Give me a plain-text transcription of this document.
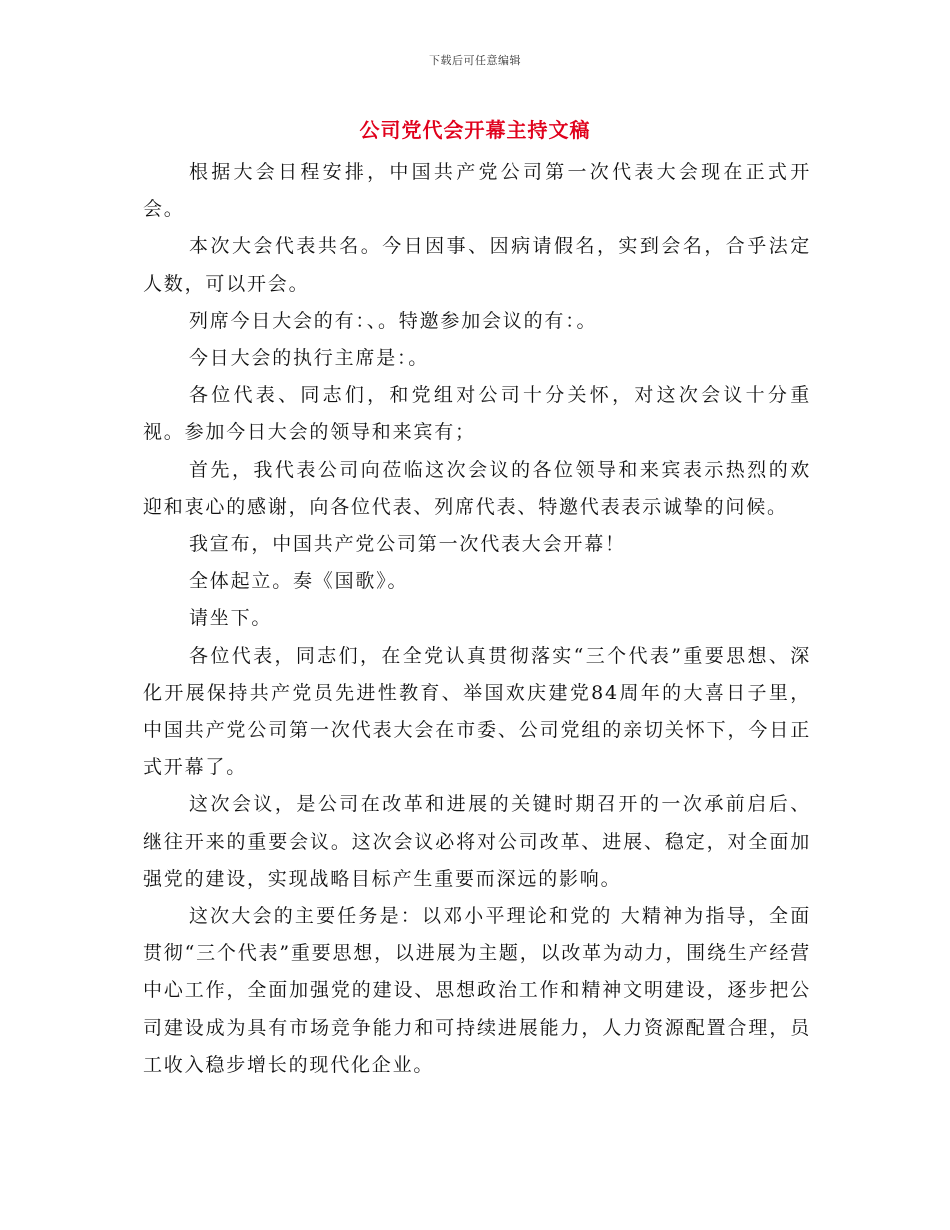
下载后可任意编辑
公司党代会开幕主持文稿

根据大会日程安排，中国共产党公司第一次代表大会现在正式开会。

本次大会代表共名。今日因事、因病请假名，实到会名，合乎法定人数，可以开会。

列席今日大会的有：、。特邀参加会议的有：。

今日大会的执行主席是：。

各位代表、同志们，和党组对公司十分关怀，对这次会议十分重视。参加今日大会的领导和来宾有；

首先，我代表公司向莅临这次会议的各位领导和来宾表示热烈的欢迎和衷心的感谢，向各位代表、列席代表、特邀代表表示诚挚的问候。

我宣布，中国共产党公司第一次代表大会开幕！

全体起立。奏《国歌》。

请坐下。

各位代表，同志们，在全党认真贯彻落实“三个代表”重要思想、深化开展保持共产党员先进性教育、举国欢庆建党84周年的大喜日子里，中国共产党公司第一次代表大会在市委、公司党组的亲切关怀下，今日正式开幕了。

这次会议，是公司在改革和进展的关键时期召开的一次承前启后、继往开来的重要会议。这次会议必将对公司改革、进展、稳定，对全面加强党的建设，实现战略目标产生重要而深远的影响。

这次大会的主要任务是：以邓小平理论和党的 大精神为指导，全面贯彻“三个代表”重要思想，以进展为主题，以改革为动力，围绕生产经营中心工作，全面加强党的建设、思想政治工作和精神文明建设，逐步把公司建设成为具有市场竞争能力和可持续进展能力，人力资源配置合理，员工收入稳步增长的现代化企业。
